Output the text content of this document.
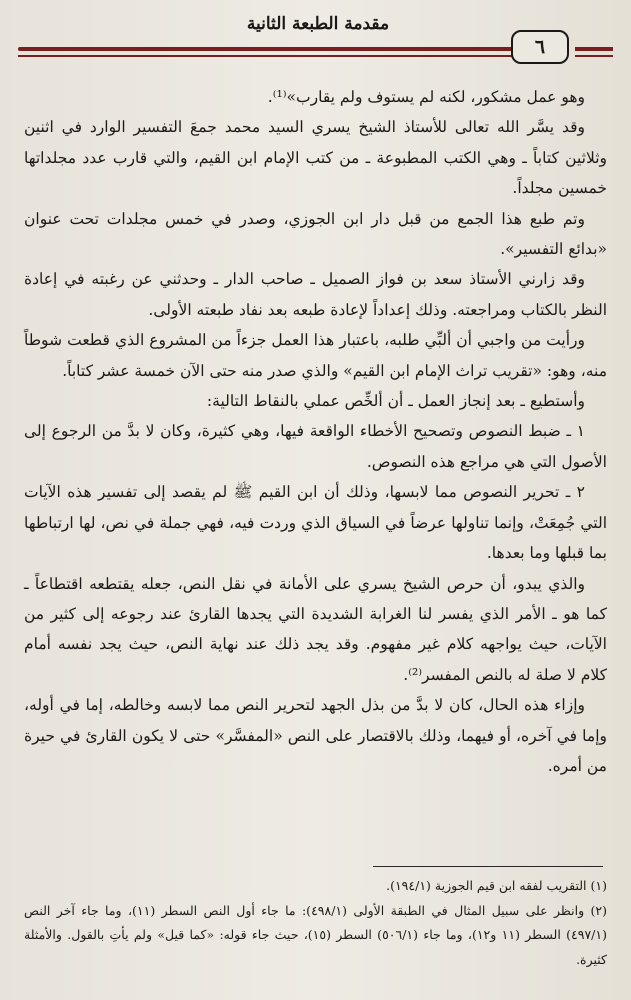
مقدمة الطبعة الثانية
٦

وهو عمل مشكور، لكنه لم يستوف ولم يقارب»⁽¹⁾.

وقد يسَّر الله تعالى للأستاذ الشيخ يسري السيد محمد جمعَ التفسير الوارد في اثنين وثلاثين كتاباً ـ وهي الكتب المطبوعة ـ من كتب الإمام ابن القيم، والتي قارب عدد مجلداتها خمسين مجلداً.

وتم طبع هذا الجمع من قبل دار ابن الجوزي، وصدر في خمس مجلدات تحت عنوان «بدائع التفسير».

وقد زارني الأستاذ سعد بن فواز الصميل ـ صاحب الدار ـ وحدثني عن رغبته في إعادة النظر بالكتاب ومراجعته. وذلك إعداداً لإعادة طبعه بعد نفاد طبعته الأولى.

ورأيت من واجبي أن ألبِّي طلبه، باعتبار هذا العمل جزءاً من المشروع الذي قطعت شوطاً منه، وهو: «تقريب تراث الإمام ابن القيم» والذي صدر منه حتى الآن خمسة عشر كتاباً.

وأستطيع ـ بعد إنجاز العمل ـ أن ألخِّص عملي بالنقاط التالية:

١ ـ ضبط النصوص وتصحيح الأخطاء الواقعة فيها، وهي كثيرة، وكان لا بدَّ من الرجوع إلى الأصول التي هي مراجع هذه النصوص.

٢ ـ تحرير النصوص مما لابسها، وذلك أن ابن القيم ﷺ لم يقصد إلى تفسير هذه الآيات التي جُمِعَتْ، وإنما تناولها عرضاً في السياق الذي وردت فيه، فهي جملة في نص، لها ارتباطها بما قبلها وما بعدها.

والذي يبدو، أن حرص الشيخ يسري على الأمانة في نقل النص، جعله يقتطعه اقتطاعاً ـ كما هو ـ الأمر الذي يفسر لنا الغرابة الشديدة التي يجدها القارئ عند رجوعه إلى كثير من الآيات، حيث يواجهه كلام غير مفهوم. وقد يجد ذلك عند نهاية النص، حيث يجد نفسه أمام كلام لا صلة له بالنص المفسر⁽²⁾.

وإزاء هذه الحال، كان لا بدَّ من بذل الجهد لتحرير النص مما لابسه وخالطه، إما في أوله، وإما في آخره، أو فيهما، وذلك بالاقتصار على النص «المفسَّر» حتى لا يكون القارئ في حيرة من أمره.

(١) التقريب لفقه ابن قيم الجوزية (١٩٤/١).

(٢) وانظر على سبيل المثال في الطبقة الأولى (٤٩٨/١): ما جاء أول النص السطر (١١)، وما جاء آخر النص (٤٩٧/١) السطر (١١ و١٢)، وما جاء (٥٠٦/١) السطر (١٥)، حيث جاء قوله: «كما قيل» ولم يأتِ بالقول. والأمثلة كثيرة.
